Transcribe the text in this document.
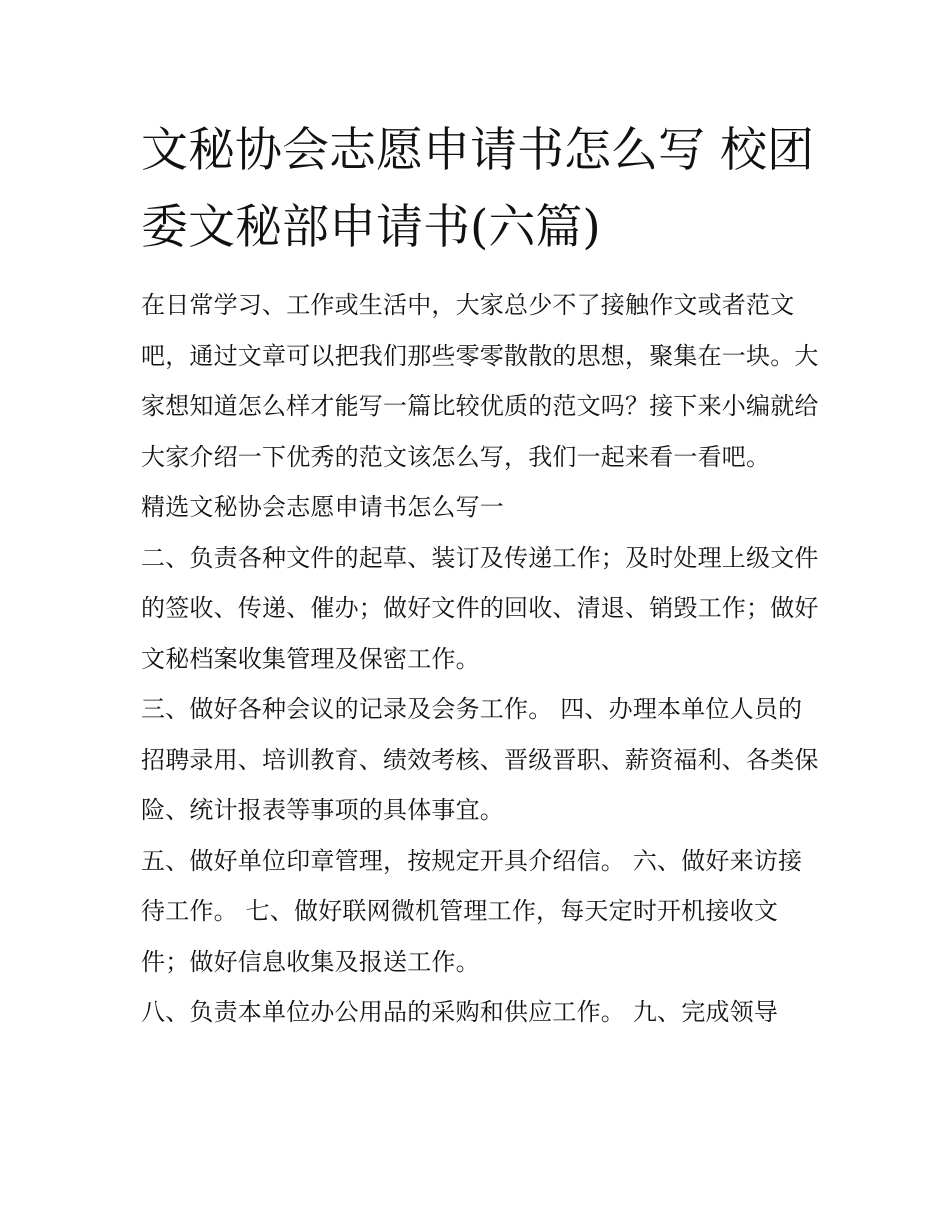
文秘协会志愿申请书怎么写 校团委文秘部申请书(六篇)

在日常学习、工作或生活中，大家总少不了接触作文或者范文吧，通过文章可以把我们那些零零散散的思想，聚集在一块。大家想知道怎么样才能写一篇比较优质的范文吗？接下来小编就给大家介绍一下优秀的范文该怎么写，我们一起来看一看吧。

精选文秘协会志愿申请书怎么写一

二、负责各种文件的起草、装订及传递工作；及时处理上级文件的签收、传递、催办；做好文件的回收、清退、销毁工作；做好文秘档案收集管理及保密工作。

三、做好各种会议的记录及会务工作。 四、办理本单位人员的招聘录用、培训教育、绩效考核、晋级晋职、薪资福利、各类保险、统计报表等事项的具体事宜。

五、做好单位印章管理，按规定开具介绍信。 六、做好来访接待工作。 七、做好联网微机管理工作，每天定时开机接收文件；做好信息收集及报送工作。

八、负责本单位办公用品的采购和供应工作。 九、完成领导
